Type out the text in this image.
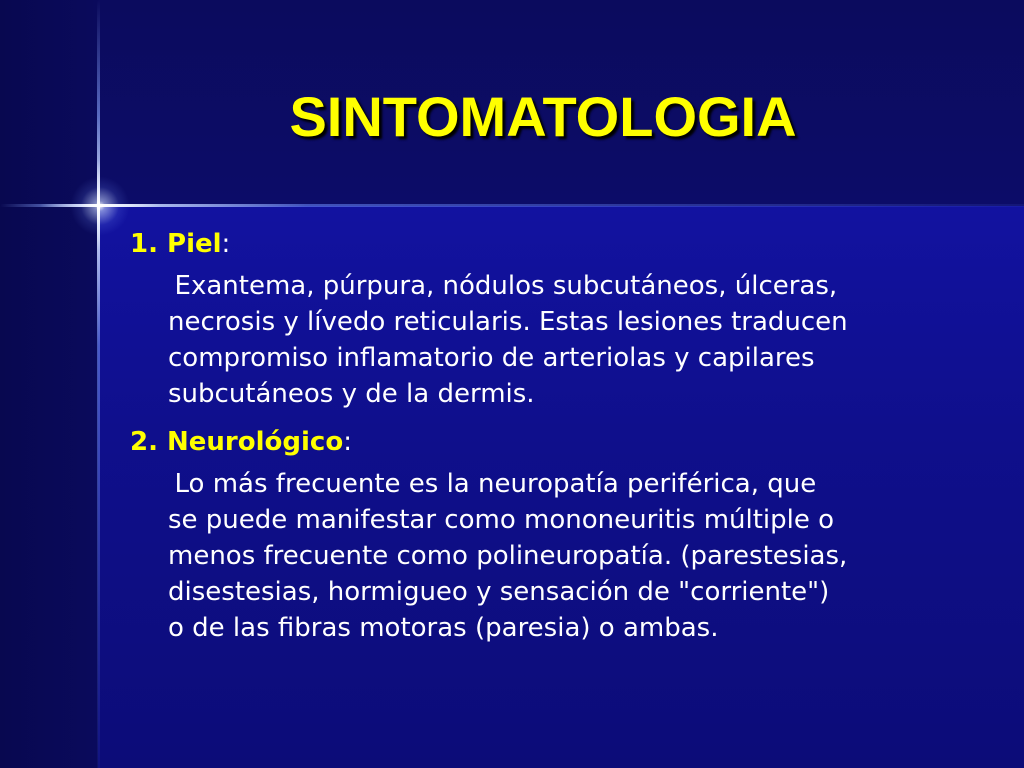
SINTOMATOLOGIA

1. Piel:

Exantema, púrpura, nódulos subcutáneos, úlceras,
necrosis y lívedo reticularis. Estas lesiones traducen
compromiso inflamatorio de arteriolas y capilares
subcutáneos y de la dermis.

2. Neurológico:

Lo más frecuente es la neuropatía periférica, que
se puede manifestar como mononeuritis múltiple o
menos frecuente como polineuropatía. (parestesias,
disestesias, hormigueo y sensación de "corriente")
o de las fibras motoras (paresia) o ambas.
